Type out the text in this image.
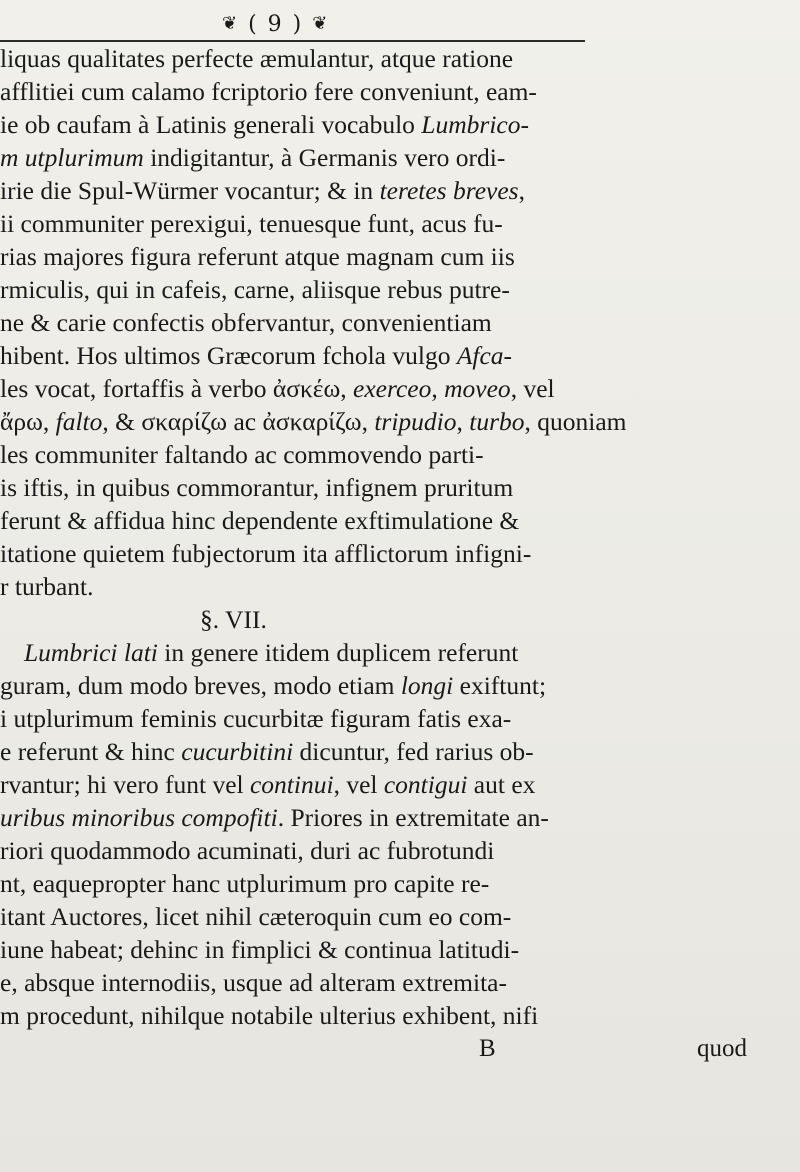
❦ ( 9 ) ❦
liquas qualitates perfecte æmulantur, atque ratione
afflitiei cum calamo fcriptorio fere conveniunt, eam-
ie ob caufam à Latinis generali vocabulo Lumbrico-
m utplurimum indigitantur, à Germanis vero ordi-
irie die Spul-Würmer vocantur; & in teretes breves,
ii communiter perexigui, tenuesque funt, acus fu-
rias majores figura referunt atque magnam cum iis
rmiculis, qui in cafeis, carne, aliisque rebus putre-
ne & carie confectis obfervantur, convenientiam
hibent. Hos ultimos Græcorum fchola vulgo Afca-
les vocat, fortaffis à verbo ἀσκέω, exerceo, moveo, vel
ἄρω, falto, & σκαρίζω ac ἀσκαρίζω, tripudio, turbo, quoniam
les communiter faltando ac commovendo parti-
is iftis, in quibus commorantur, infignem pruritum
ferunt & affidua hinc dependente exftimulatione &
itatione quietem fubjectorum ita afflictorum infigni-
r turbant.
§. VII.
Lumbrici lati in genere itidem duplicem referunt
guram, dum modo breves, modo etiam longi exiftunt;
i utplurimum feminis cucurbitæ figuram fatis exa-
e referunt & hinc cucurbitini dicuntur, fed rarius ob-
rvantur; hi vero funt vel continui, vel contigui aut ex
uribus minoribus compofiti. Priores in extremitate an-
riori quodammodo acuminati, duri ac fubrotundi
nt, eaqueproptеr hanc utplurimum pro capite re-
itant Auctores, licet nihil cæteroquin cum eo com-
iune habeat; dehinc in fimplici & continua latitudi-
e, absque internodiis, usque ad alteram extremita-
m procedunt, nihilque notabile ulterius exhibent, nifi
B	quod
